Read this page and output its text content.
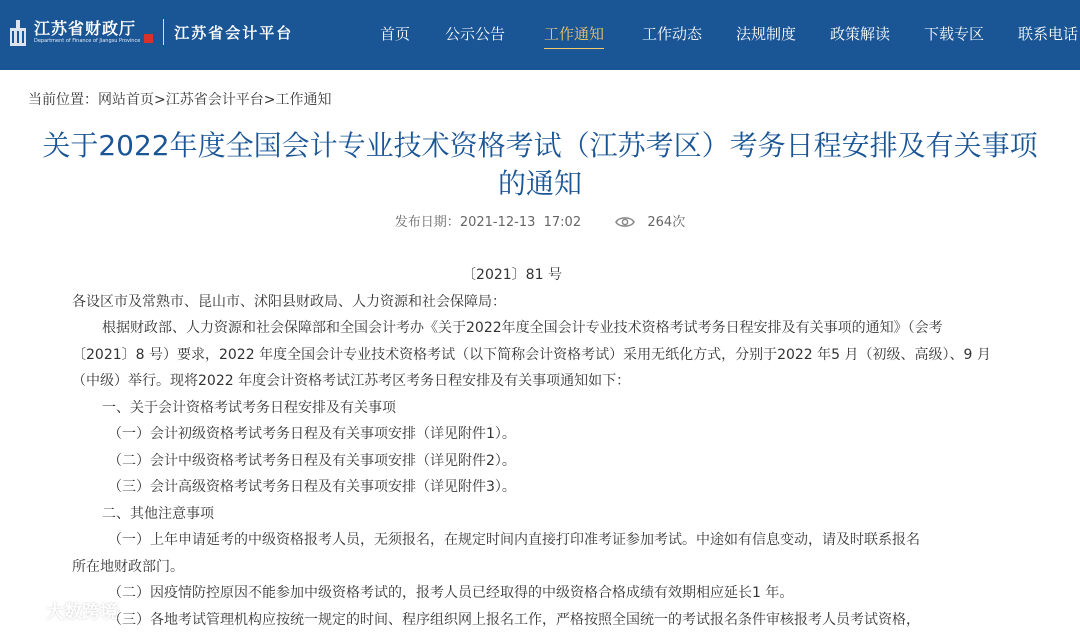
江苏省财政厅
Department of Finance of Jiangsu Province 江苏省会计平台	首页 公示公告	工作通知	工作动态 法规制度 政策解读 下载专区 联系电话
当前位置：网站首页>江苏省会计平台>工作通知
关于2022年度全国会计专业技术资格考试（江苏考区）考务日程安排及有关事项的通知
发布日期：2021-12-13  17:02	264次

〔2021〕81 号

各设区市及常熟市、昆山市、沭阳县财政局、人力资源和社会保障局：

根据财政部、人力资源和社会保障部和全国会计考办《关于2022年度全国会计专业技术资格考试考务日程安排及有关事项的通知》（会考

〔2021〕8 号）要求，2022 年度全国会计专业技术资格考试（以下简称会计资格考试）采用无纸化方式，分别于2022 年5 月（初级、高级）、9 月

（中级）举行。现将2022 年度会计资格考试江苏考区考务日程安排及有关事项通知如下：

一、关于会计资格考试考务日程安排及有关事项

（一）会计初级资格考试考务日程及有关事项安排（详见附件1）。

（二）会计中级资格考试考务日程及有关事项安排（详见附件2）。

（三）会计高级资格考试考务日程及有关事项安排（详见附件3）。

二、其他注意事项

（一）上年申请延考的中级资格报考人员，无须报名，在规定时间内直接打印准考证参加考试。中途如有信息变动，请及时联系报名

所在地财政部门。

（二）因疫情防控原因不能参加中级资格考试的，报考人员已经取得的中级资格合格成绩有效期相应延长1 年。

（三）各地考试管理机构应按统一规定的时间、程序组织网上报名工作，严格按照全国统一的考试报名条件审核报考人员考试资格，

大数跨境
